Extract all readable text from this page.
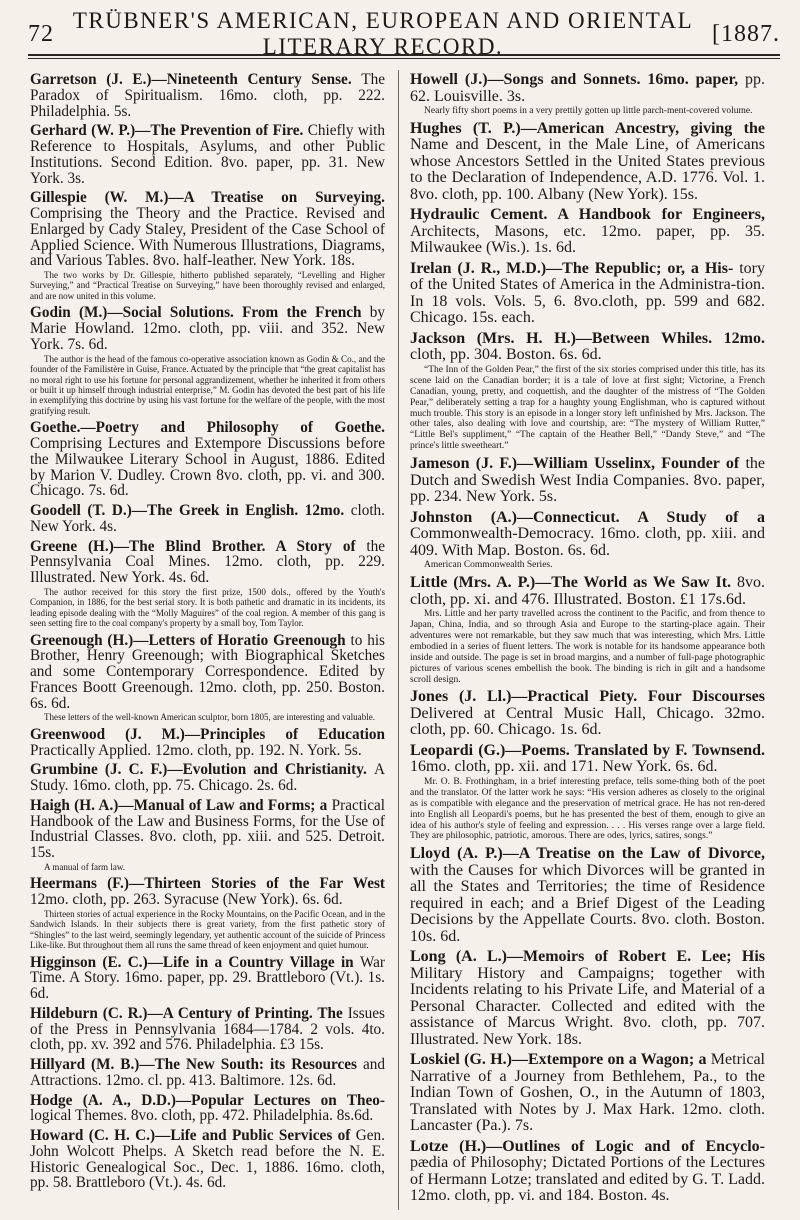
72 TRÜBNER'S AMERICAN, EUROPEAN AND ORIENTAL LITERARY RECORD.	[1887.
Garretson (J. E.)—Nineteenth Century Sense. The Paradox of Spiritualism. 16mo. cloth, pp. 222. Philadelphia. 5s.
Gerhard (W. P.)—The Prevention of Fire. Chiefly with Reference to Hospitals, Asylums, and other Public Institutions. Second Edition. 8vo. paper, pp. 31. New York. 3s.
Gillespie (W. M.)—A Treatise on Surveying. Comprising the Theory and the Practice. Revised and Enlarged by Cady Staley, President of the Case School of Applied Science. With Numerous Illustrations, Diagrams, and Various Tables. 8vo. half-leather. New York. 18s.
The two works by Dr. Gillespie, hitherto published separately, “Levelling and Higher Surveying,” and “Practical Treatise on Surveying,” have been thoroughly revised and enlarged, and are now united in this volume.
Godin (M.)—Social Solutions. From the French by Marie Howland. 12mo. cloth, pp. viii. and 352. New York. 7s. 6d.
The author is the head of the famous co-operative association known as Godin & Co., and the founder of the Familistère in Guise, France. Actuated by the principle that “the great capitalist has no moral right to use his fortune for personal aggrandizement, whether he inherited it from others or built it up himself through industrial enterprise,” M. Godin has devoted the best part of his life in exemplifying this doctrine by using his vast fortune for the welfare of the people, with the most gratifying result.
Goethe.—Poetry and Philosophy of Goethe. Comprising Lectures and Extempore Discussions before the Milwaukee Literary School in August, 1886. Edited by Marion V. Dudley. Crown 8vo. cloth, pp. vi. and 300. Chicago. 7s. 6d.
Goodell (T. D.)—The Greek in English. 12mo. cloth. New York. 4s.
Greene (H.)—The Blind Brother. A Story of the Pennsylvania Coal Mines. 12mo. cloth, pp. 229. Illustrated. New York. 4s. 6d.
The author received for this story the first prize, 1500 dols., offered by the Youth's Companion, in 1886, for the best serial story. It is both pathetic and dramatic in its incidents, its leading episode dealing with the “Molly Maguires” of the coal region. A member of this gang is seen setting fire to the coal company's property by a small boy, Tom Taylor.
Greenough (H.)—Letters of Horatio Greenough to his Brother, Henry Greenough; with Biographical Sketches and some Contemporary Correspondence. Edited by Frances Boott Greenough. 12mo. cloth, pp. 250. Boston. 6s. 6d.
These letters of the well-known American sculptor, born 1805, are interesting and valuable.
Greenwood (J. M.)—Principles of Education Practically Applied. 12mo. cloth, pp. 192. N. York. 5s.
Grumbine (J. C. F.)—Evolution and Christianity. A Study. 16mo. cloth, pp. 75. Chicago. 2s. 6d.
Haigh (H. A.)—Manual of Law and Forms; a Practical Handbook of the Law and Business Forms, for the Use of Industrial Classes. 8vo. cloth, pp. xiii. and 525. Detroit. 15s.
A manual of farm law.
Heermans (F.)—Thirteen Stories of the Far West 12mo. cloth, pp. 263. Syracuse (New York). 6s. 6d.
Thirteen stories of actual experience in the Rocky Mountains, on the Pacific Ocean, and in the Sandwich Islands. In their subjects there is great variety, from the first pathetic story of “Shingles” to the last weird, seemingly legendary, yet authentic account of the suicide of Princess Like-like. But throughout them all runs the same thread of keen enjoyment and quiet humour.
Higginson (E. C.)—Life in a Country Village in War Time. A Story. 16mo. paper, pp. 29. Brattleboro (Vt.). 1s. 6d.
Hildeburn (C. R.)—A Century of Printing. The Issues of the Press in Pennsylvania 1684—1784. 2 vols. 4to. cloth, pp. xv. 392 and 576. Philadelphia. £3 15s.
Hillyard (M. B.)—The New South: its Resources and Attractions. 12mo. cl. pp. 413. Baltimore. 12s. 6d.
Hodge (A. A., D.D.)—Popular Lectures on Theo- logical Themes. 8vo. cloth, pp. 472. Philadelphia. 8s.6d.
Howard (C. H. C.)—Life and Public Services of Gen. John Wolcott Phelps. A Sketch read before the N. E. Historic Genealogical Soc., Dec. 1, 1886. 16mo. cloth, pp. 58. Brattleboro (Vt.). 4s. 6d.
Howell (J.)—Songs and Sonnets. 16mo. paper, pp. 62. Louisville. 3s.
Nearly fifty short poems in a very prettily gotten up little parch-ment-covered volume.
Hughes (T. P.)—American Ancestry, giving the Name and Descent, in the Male Line, of Americans whose Ancestors Settled in the United States previous to the Declaration of Independence, A.D. 1776. Vol. 1. 8vo. cloth, pp. 100. Albany (New York). 15s.
Hydraulic Cement. A Handbook for Engineers, Architects, Masons, etc. 12mo. paper, pp. 35. Milwaukee (Wis.). 1s. 6d.
Irelan (J. R., M.D.)—The Republic; or, a His- tory of the United States of America in the Administra-tion. In 18 vols. Vols. 5, 6. 8vo.cloth, pp. 599 and 682. Chicago. 15s. each.
Jackson (Mrs. H. H.)—Between Whiles. 12mo. cloth, pp. 304. Boston. 6s. 6d.
“The Inn of the Golden Pear,” the first of the six stories comprised under this title, has its scene laid on the Canadian border; it is a tale of love at first sight; Victorine, a French Canadian, young, pretty, and coquettish, and the daughter of the mistress of “The Golden Pear,” deliberately setting a trap for a haughty young Englishman, who is captured without much trouble. This story is an episode in a longer story left unfinished by Mrs. Jackson. The other tales, also dealing with love and courtship, are: “The mystery of William Rutter,” “Little Bel's suppliment,” “The captain of the Heather Bell,” “Dandy Steve,” and “The prince's little sweetheart.”
Jameson (J. F.)—William Usselinx, Founder of the Dutch and Swedish West India Companies. 8vo. paper, pp. 234. New York. 5s.
Johnston (A.)—Connecticut. A Study of a Commonwealth-Democracy. 16mo. cloth, pp. xiii. and 409. With Map. Boston. 6s. 6d.
American Commonwealth Series.
Little (Mrs. A. P.)—The World as We Saw It. 8vo. cloth, pp. xi. and 476. Illustrated. Boston. £1 17s.6d.
Mrs. Little and her party travelled across the continent to the Pacific, and from thence to Japan, China, India, and so through Asia and Europe to the starting-place again. Their adventures were not remarkable, but they saw much that was interesting, which Mrs. Little embodied in a series of fluent letters. The work is notable for its handsome appearance both inside and outside. The page is set in broad margins, and a number of full-page photographic pictures of various scenes embellish the book. The binding is rich in gilt and a handsome scroll design.
Jones (J. Ll.)—Practical Piety. Four Discourses Delivered at Central Music Hall, Chicago. 32mo. cloth, pp. 60. Chicago. 1s. 6d.
Leopardi (G.)—Poems. Translated by F. Townsend. 16mo. cloth, pp. xii. and 171. New York. 6s. 6d.
Mr. O. B. Frothingham, in a brief interesting preface, tells some-thing both of the poet and the translator. Of the latter work he says: “His version adheres as closely to the original as is compatible with elegance and the preservation of metrical grace. He has not ren-dered into English all Leopardi's poems, but he has presented the best of them, enough to give an idea of his author's style of feeling and expression. . . . His verses range over a large field. They are philosophic, patriotic, amorous. There are odes, lyrics, satires, songs.”
Lloyd (A. P.)—A Treatise on the Law of Divorce, with the Causes for which Divorces will be granted in all the States and Territories; the time of Residence required in each; and a Brief Digest of the Leading Decisions by the Appellate Courts. 8vo. cloth. Boston. 10s. 6d.
Long (A. L.)—Memoirs of Robert E. Lee; His Military History and Campaigns; together with Incidents relating to his Private Life, and Material of a Personal Character. Collected and edited with the assistance of Marcus Wright. 8vo. cloth, pp. 707. Illustrated. New York. 18s.
Loskiel (G. H.)—Extempore on a Wagon; a Metrical Narrative of a Journey from Bethlehem, Pa., to the Indian Town of Goshen, O., in the Autumn of 1803, Translated with Notes by J. Max Hark. 12mo. cloth. Lancaster (Pa.). 7s.
Lotze (H.)—Outlines of Logic and of Encyclo- pædia of Philosophy; Dictated Portions of the Lectures of Hermann Lotze; translated and edited by G. T. Ladd. 12mo. cloth, pp. vi. and 184. Boston. 4s.
